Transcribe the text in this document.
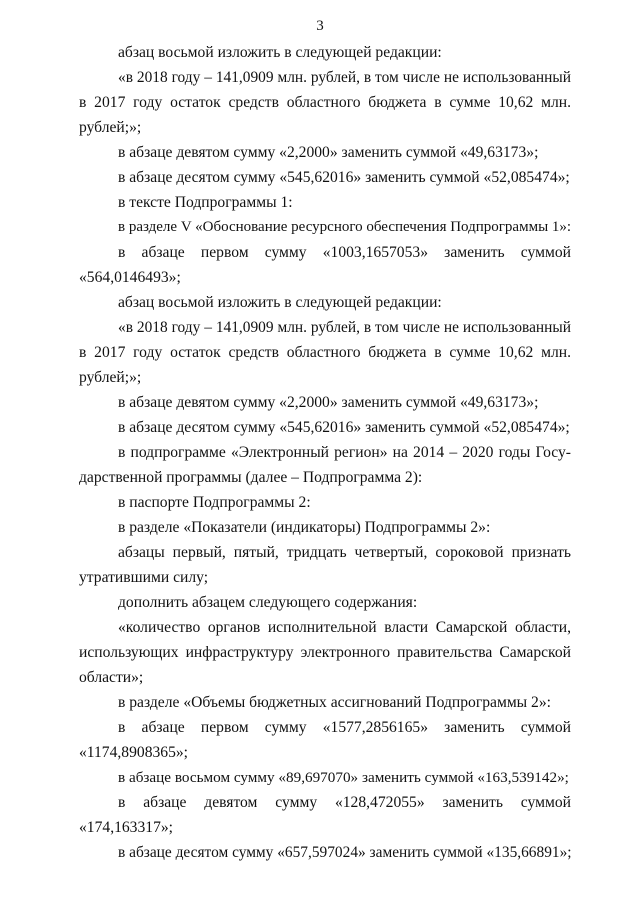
3
абзац восьмой изложить в следующей редакции:
«в 2018 году – 141,0909 млн. рублей, в том числе не использованный
в 2017 году остаток средств областного бюджета в сумме 10,62 млн.
рублей;»;
в абзаце девятом сумму «2,2000» заменить суммой «49,63173»;
в абзаце десятом сумму «545,62016» заменить суммой «52,085474»;
в тексте Подпрограммы 1:
в разделе V «Обоснование ресурсного обеспечения Подпрограммы 1»:
в абзаце первом сумму «1003,1657053» заменить суммой
«564,0146493»;
абзац восьмой изложить в следующей редакции:
«в 2018 году – 141,0909 млн. рублей, в том числе не использованный
в 2017 году остаток средств областного бюджета в сумме 10,62 млн.
рублей;»;
в абзаце девятом сумму «2,2000» заменить суммой «49,63173»;
в абзаце десятом сумму «545,62016» заменить суммой «52,085474»;
в подпрограмме «Электронный регион» на 2014 – 2020 годы Госу-
дарственной программы (далее – Подпрограмма 2):
в паспорте Подпрограммы 2:
в разделе «Показатели (индикаторы) Подпрограммы 2»:
абзацы первый, пятый, тридцать четвертый, сороковой признать
утратившими силу;
дополнить абзацем следующего содержания:
«количество органов исполнительной власти Самарской области,
использующих инфраструктуру электронного правительства Самарской
области»;
в разделе «Объемы бюджетных ассигнований Подпрограммы 2»:
в абзаце первом сумму «1577,2856165» заменить суммой
«1174,8908365»;
в абзаце восьмом сумму «89,697070» заменить суммой «163,539142»;
в абзаце девятом сумму «128,472055» заменить суммой
«174,163317»;
в абзаце десятом сумму «657,597024» заменить суммой «135,66891»;
